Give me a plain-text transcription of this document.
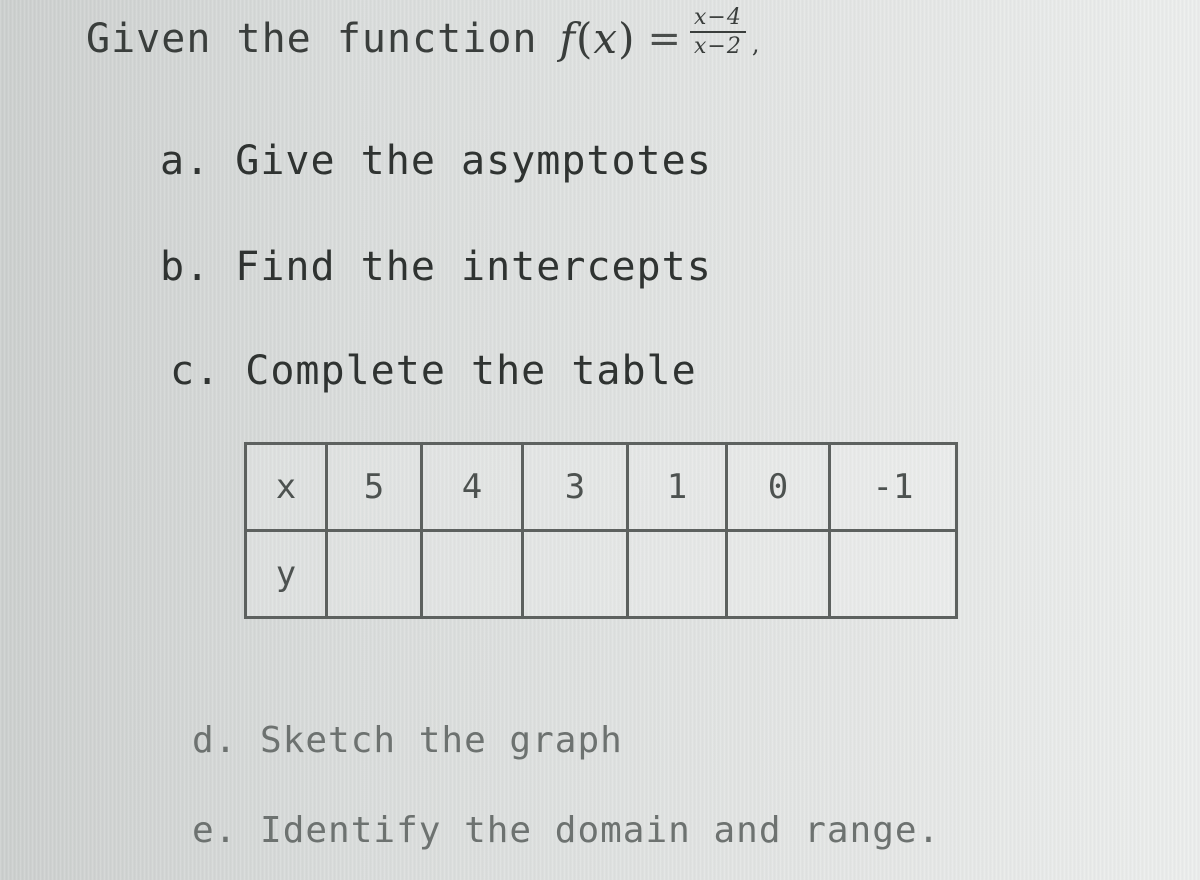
Given the function $f(x) = \frac{x-4}{x-2}$ ,
a. Give the asymptotes
b. Find the intercepts
c. Complete the table
x	5	4	3	1	0	-1
y						
d. Sketch the graph
e. Identify the domain and range.
